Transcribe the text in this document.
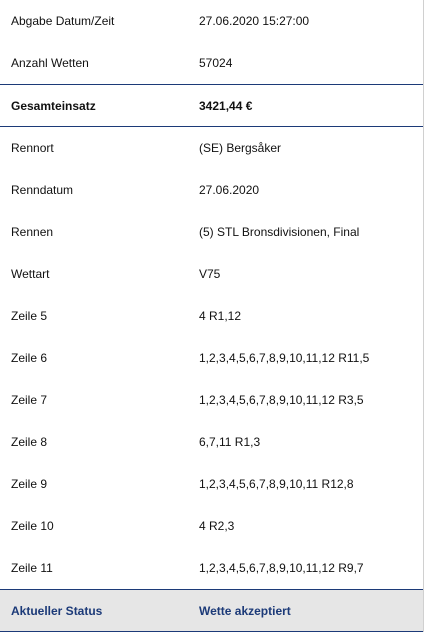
Abgabe Datum/Zeit	27.06.2020 15:27:00
Anzahl Wetten	57024
Gesamteinsatz	3421,44 €
Rennort	(SE) Bergsåker
Renndatum	27.06.2020
Rennen	(5) STL Bronsdivisionen, Final
Wettart	V75
Zeile 5	4 R1,12
Zeile 6	1,2,3,4,5,6,7,8,9,10,11,12 R11,5
Zeile 7	1,2,3,4,5,6,7,8,9,10,11,12 R3,5
Zeile 8	6,7,11 R1,3
Zeile 9	1,2,3,4,5,6,7,8,9,10,11 R12,8
Zeile 10	4 R2,3
Zeile 11	1,2,3,4,5,6,7,8,9,10,11,12 R9,7
Aktueller Status	Wette akzeptiert
